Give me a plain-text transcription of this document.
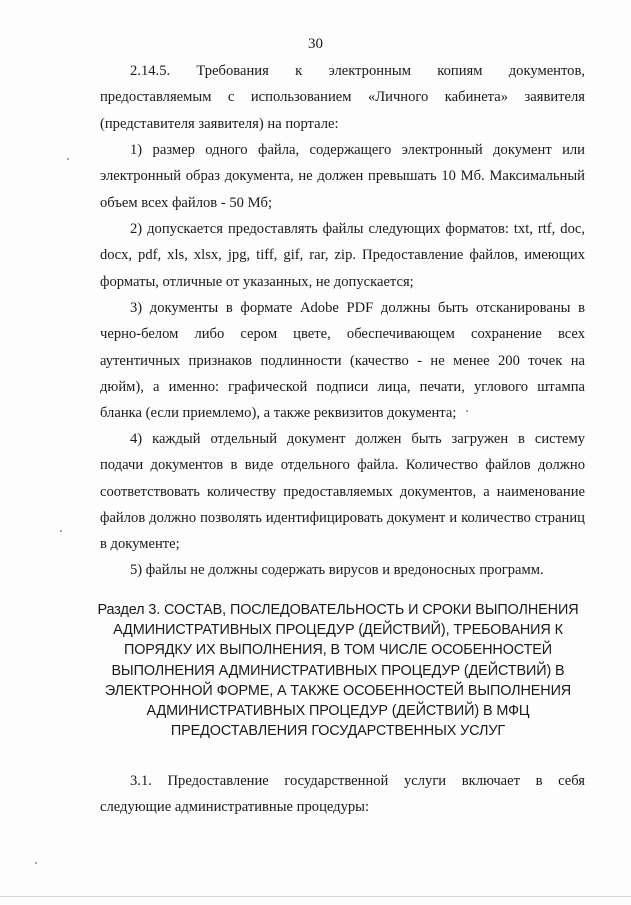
30
2.14.5. Требования к электронным копиям документов,
предоставляемым с использованием «Личного кабинета» заявителя
(представителя заявителя) на портале:
1) размер одного файла, содержащего электронный документ или
электронный образ документа, не должен превышать 10 Мб. Максимальный
объем всех файлов - 50 Мб;
2) допускается предоставлять файлы следующих форматов: txt, rtf, doc,
docx, pdf, xls, xlsx, jpg, tiff, gif, rar, zip. Предоставление файлов, имеющих
форматы, отличные от указанных, не допускается;
3) документы в формате Adobe PDF должны быть отсканированы в
черно-белом либо сером цвете, обеспечивающем сохранение всех
аутентичных признаков подлинности (качество - не менее 200 точек на
дюйм), а именно: графической подписи лица, печати, углового штампа
бланка (если приемлемо), а также реквизитов документа;
4) каждый отдельный документ должен быть загружен в систему
подачи документов в виде отдельного файла. Количество файлов должно
соответствовать количеству предоставляемых документов, а наименование
файлов должно позволять идентифицировать документ и количество страниц
в документе;
5) файлы не должны содержать вирусов и вредоносных программ.
Раздел 3. СОСТАВ, ПОСЛЕДОВАТЕЛЬНОСТЬ И СРОКИ ВЫПОЛНЕНИЯ
АДМИНИСТРАТИВНЫХ ПРОЦЕДУР (ДЕЙСТВИЙ), ТРЕБОВАНИЯ К
ПОРЯДКУ ИХ ВЫПОЛНЕНИЯ, В ТОМ ЧИСЛЕ ОСОБЕННОСТЕЙ
ВЫПОЛНЕНИЯ АДМИНИСТРАТИВНЫХ ПРОЦЕДУР (ДЕЙСТВИЙ) В
ЭЛЕКТРОННОЙ ФОРМЕ, А ТАКЖЕ ОСОБЕННОСТЕЙ ВЫПОЛНЕНИЯ
АДМИНИСТРАТИВНЫХ ПРОЦЕДУР (ДЕЙСТВИЙ) В МФЦ
ПРЕДОСТАВЛЕНИЯ ГОСУДАРСТВЕННЫХ УСЛУГ
3.1. Предоставление государственной услуги включает в себя
следующие административные процедуры:
